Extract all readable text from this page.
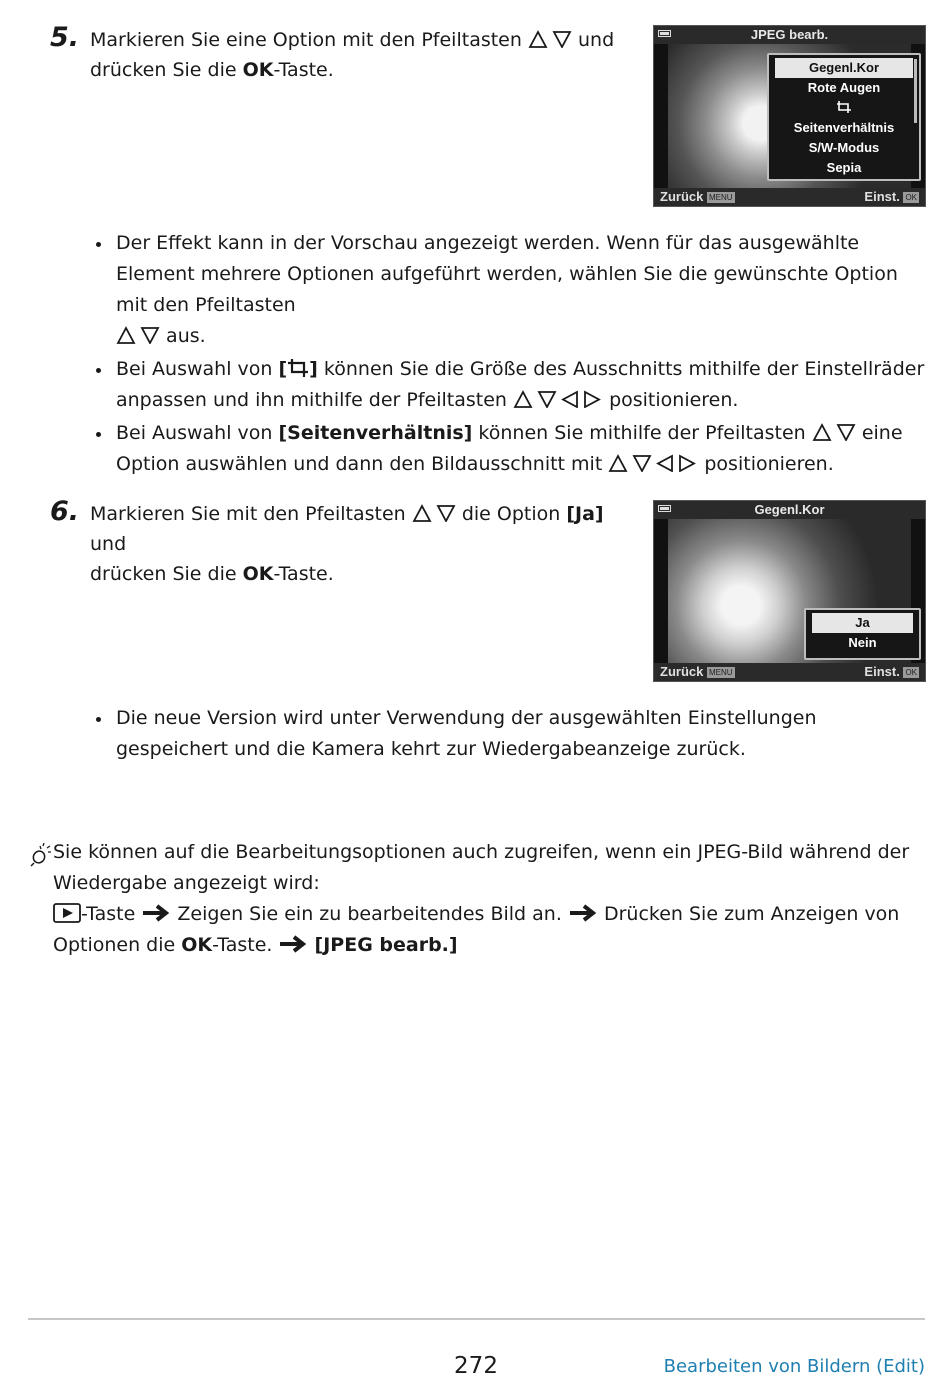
5. Markieren Sie eine Option mit den Pfeiltasten	und
drücken Sie die OK-Taste.
JPEG bearb.
Gegenl.Kor
Rote Augen
Seitenverhältnis
S/W-Modus
Sepia
Zurück MENU	Einst. OK
Der Effekt kann in der Vorschau angezeigt werden. Wenn für das ausgewählte Element mehrere Optionen aufgeführt werden, wählen Sie die gewünschte Option mit den Pfeiltasten
aus.
Bei Auswahl von [ ] können Sie die Größe des Ausschnitts mithilfe der Einstellräder anpassen und ihn mithilfe der Pfeiltasten	positionieren.
Bei Auswahl von [Seitenverhältnis] können Sie mithilfe der Pfeiltasten	eine Option auswählen und dann den Bildausschnitt mit	positionieren.
6. Markieren Sie mit den Pfeiltasten	die Option [Ja] und
drücken Sie die OK-Taste.
Gegenl.Kor
Ja
Nein
Zurück MENU	Einst. OK
Die neue Version wird unter Verwendung der ausgewählten Einstellungen gespeichert und die Kamera kehrt zur Wiedergabeanzeige zurück.
Sie können auf die Bearbeitungsoptionen auch zugreifen, wenn ein JPEG-Bild während der Wiedergabe angezeigt wird:
-Taste Zeigen Sie ein zu bearbeitendes Bild an. Drücken Sie zum Anzeigen von Optionen die OK-Taste. [JPEG bearb.]
272	Bearbeiten von Bildern (Edit)
